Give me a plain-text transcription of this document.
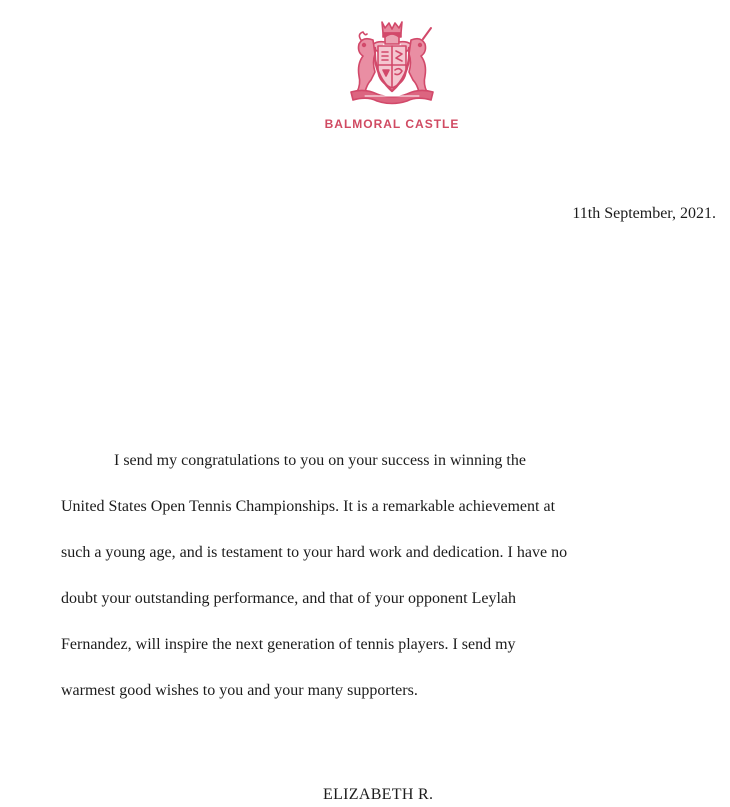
BALMORAL CASTLE
11th September, 2021.

I send my congratulations to you on your success in winning the
United States Open Tennis Championships. It is a remarkable achievement at
such a young age, and is testament to your hard work and dedication. I have no
doubt your outstanding performance, and that of your opponent Leylah
Fernandez, will inspire the next generation of tennis players. I send my
warmest good wishes to you and your many supporters.

ELIZABETH R.
